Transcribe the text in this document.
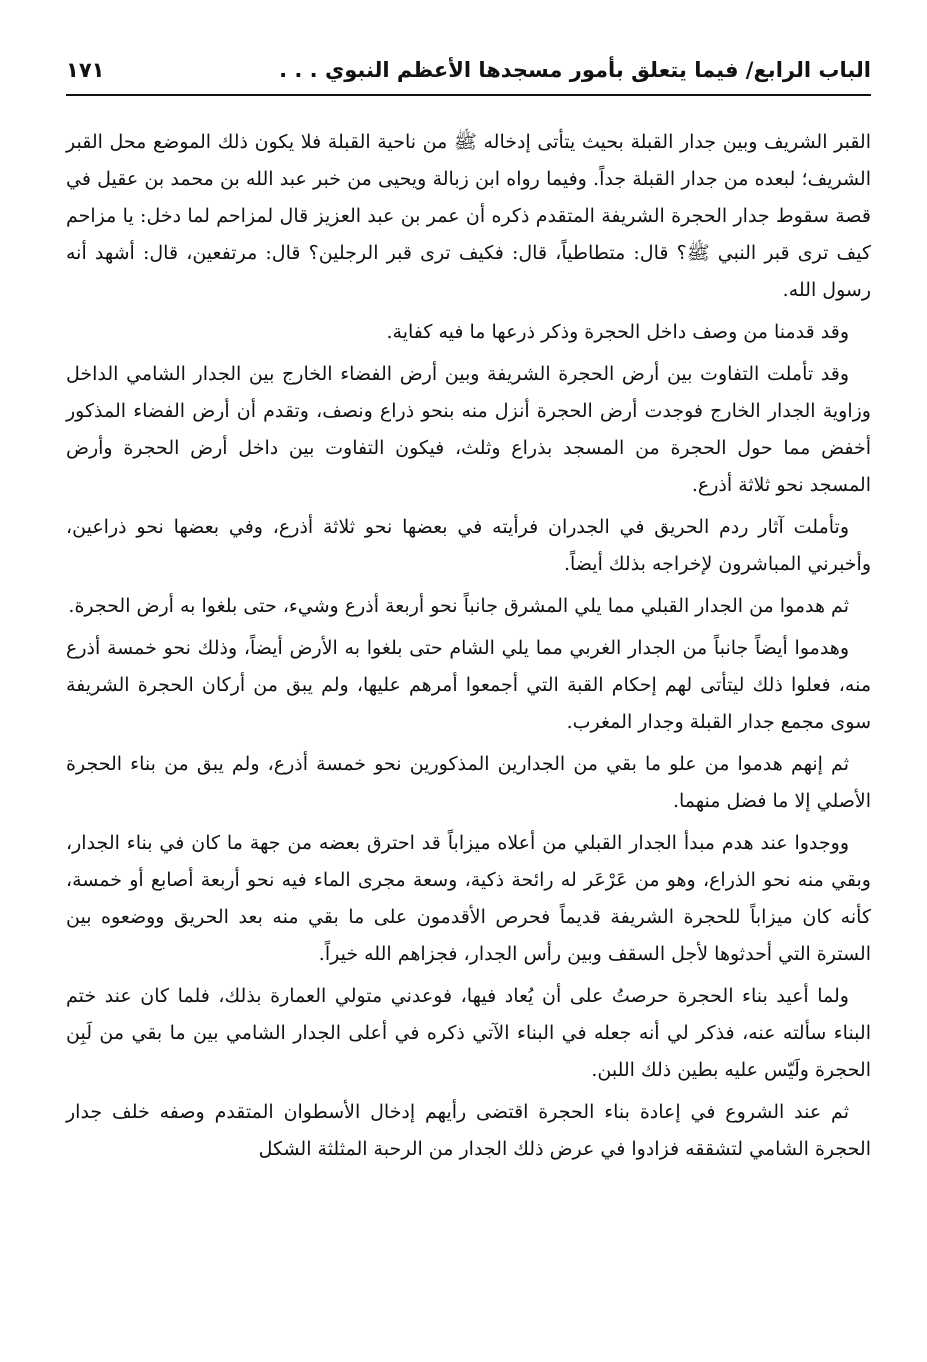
الباب الرابع/ فيما يتعلق بأمور مسجدها الأعظم النبوي . . .
١٧١

القبر الشريف وبين جدار القبلة بحيث يتأتى إدخاله ﷺ من ناحية القبلة فلا يكون ذلك الموضع محل القبر الشريف؛ لبعده من جدار القبلة جداً. وفيما رواه ابن زبالة ويحيى من خبر عبد الله بن محمد بن عقيل في قصة سقوط جدار الحجرة الشريفة المتقدم ذكره أن عمر بن عبد العزيز قال لمزاحم لما دخل: يا مزاحم كيف ترى قبر النبي ﷺ؟ قال: متطاطياً، قال: فكيف ترى قبر الرجلين؟ قال: مرتفعين، قال: أشهد أنه رسول الله.

وقد قدمنا من وصف داخل الحجرة وذكر ذرعها ما فيه كفاية.

وقد تأملت التفاوت بين أرض الحجرة الشريفة وبين أرض الفضاء الخارج بين الجدار الشامي الداخل وزاوية الجدار الخارج فوجدت أرض الحجرة أنزل منه بنحو ذراع ونصف، وتقدم أن أرض الفضاء المذكور أخفض مما حول الحجرة من المسجد بذراع وثلث، فيكون التفاوت بين داخل أرض الحجرة وأرض المسجد نحو ثلاثة أذرع.

وتأملت آثار ردم الحريق في الجدران فرأيته في بعضها نحو ثلاثة أذرع، وفي بعضها نحو ذراعين، وأخبرني المباشرون لإخراجه بذلك أيضاً.

ثم هدموا من الجدار القبلي مما يلي المشرق جانباً نحو أربعة أذرع وشيء، حتى بلغوا به أرض الحجرة.

وهدموا أيضاً جانباً من الجدار الغربي مما يلي الشام حتى بلغوا به الأرض أيضاً، وذلك نحو خمسة أذرع منه، فعلوا ذلك ليتأتى لهم إحكام القبة التي أجمعوا أمرهم عليها، ولم يبق من أركان الحجرة الشريفة سوى مجمع جدار القبلة وجدار المغرب.

ثم إنهم هدموا من علو ما بقي من الجدارين المذكورين نحو خمسة أذرع، ولم يبق من بناء الحجرة الأصلي إلا ما فضل منهما.

ووجدوا عند هدم مبدأ الجدار القبلي من أعلاه ميزاباً قد احترق بعضه من جهة ما كان في بناء الجدار، وبقي منه نحو الذراع، وهو من عَرْعَر له رائحة ذكية، وسعة مجرى الماء فيه نحو أربعة أصابع أو خمسة، كأنه كان ميزاباً للحجرة الشريفة قديماً فحرص الأقدمون على ما بقي منه بعد الحريق ووضعوه بين السترة التي أحدثوها لأجل السقف وبين رأس الجدار، فجزاهم الله خيراً.

ولما أعيد بناء الحجرة حرصتُ على أن يُعاد فيها، فوعدني متولي العمارة بذلك، فلما كان عند ختم البناء سألته عنه، فذكر لي أنه جعله في البناء الآتي ذكره في أعلى الجدار الشامي بين ما بقي من لَبِن الحجرة ولَيّس عليه بطين ذلك اللبن.

ثم عند الشروع في إعادة بناء الحجرة اقتضى رأيهم إدخال الأسطوان المتقدم وصفه خلف جدار الحجرة الشامي لتشققه فزادوا في عرض ذلك الجدار من الرحبة المثلثة الشكل
